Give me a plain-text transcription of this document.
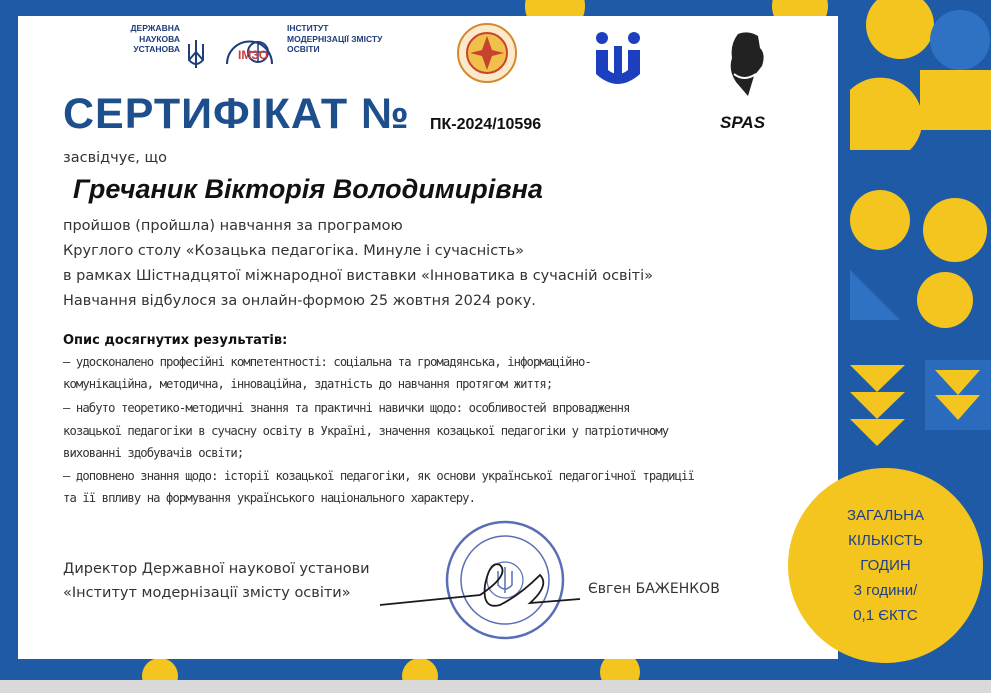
ДЕРЖАВНА
НАУКОВА
УСТАНОВА	ІМЗО
ІНСТИТУТ
МОДЕРНІЗАЦІЇ ЗМІСТУ
ОСВІТИ
SPAS
СЕРТИФІКАТ № ПК-2024/10596
засвідчує, що
Гречаник Вікторія Володимирівна
пройшов (пройшла) навчання за програмою
Круглого столу «Козацька педагогіка. Минуле і сучасність»
в рамках Шістнадцятої міжнародної виставки «Інноватика в сучасній освіті»
Навчання відбулося за онлайн-формою 25 жовтня 2024 року.
Опис досягнутих результатів:
– удосконалено професійні компетентності: соціальна та громадянська, інформаційно-
комунікаційна, методична, інноваційна, здатність до навчання протягом життя;
– набуто теоретико-методичні знання та практичні навички щодо: особливостей впровадження
козацької педагогіки в сучасну освіту в Україні, значення козацької педагогіки у патріотичному
вихованні здобувачів освіти;
– доповнено знання щодо: історії козацької педагогіки, як основи української педагогічної традиції
та її впливу на формування українського національного характеру.
Директор Державної наукової установи
«Інститут модернізації змісту освіти»	Євген БАЖЕНКОВ
ЗАГАЛЬНА
КІЛЬКІСТЬ
ГОДИН
3 години/
0,1 ЄКТС
